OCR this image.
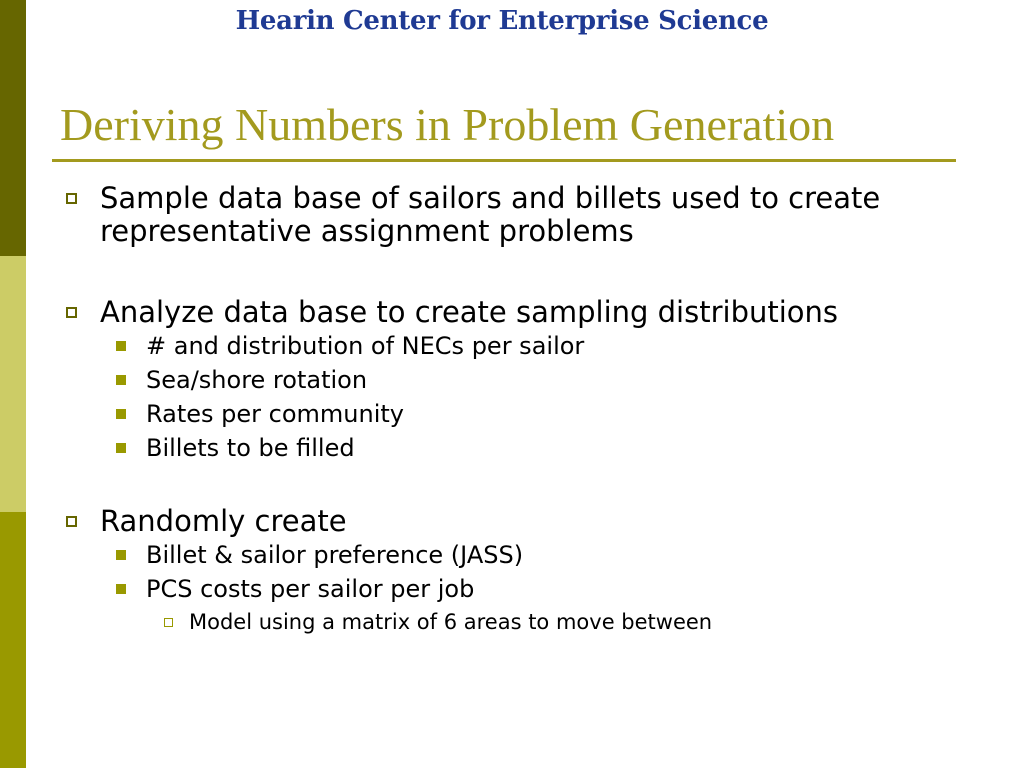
Hearin Center for Enterprise Science
Deriving Numbers in Problem Generation
Sample data base of sailors and billets used to create representative assignment problems
Analyze data base to create sampling distributions
# and distribution of NECs per sailor
Sea/shore rotation
Rates per community
Billets to be filled
Randomly create
Billet & sailor preference (JASS)
PCS costs per sailor per job
Model using a matrix of 6 areas to move between
